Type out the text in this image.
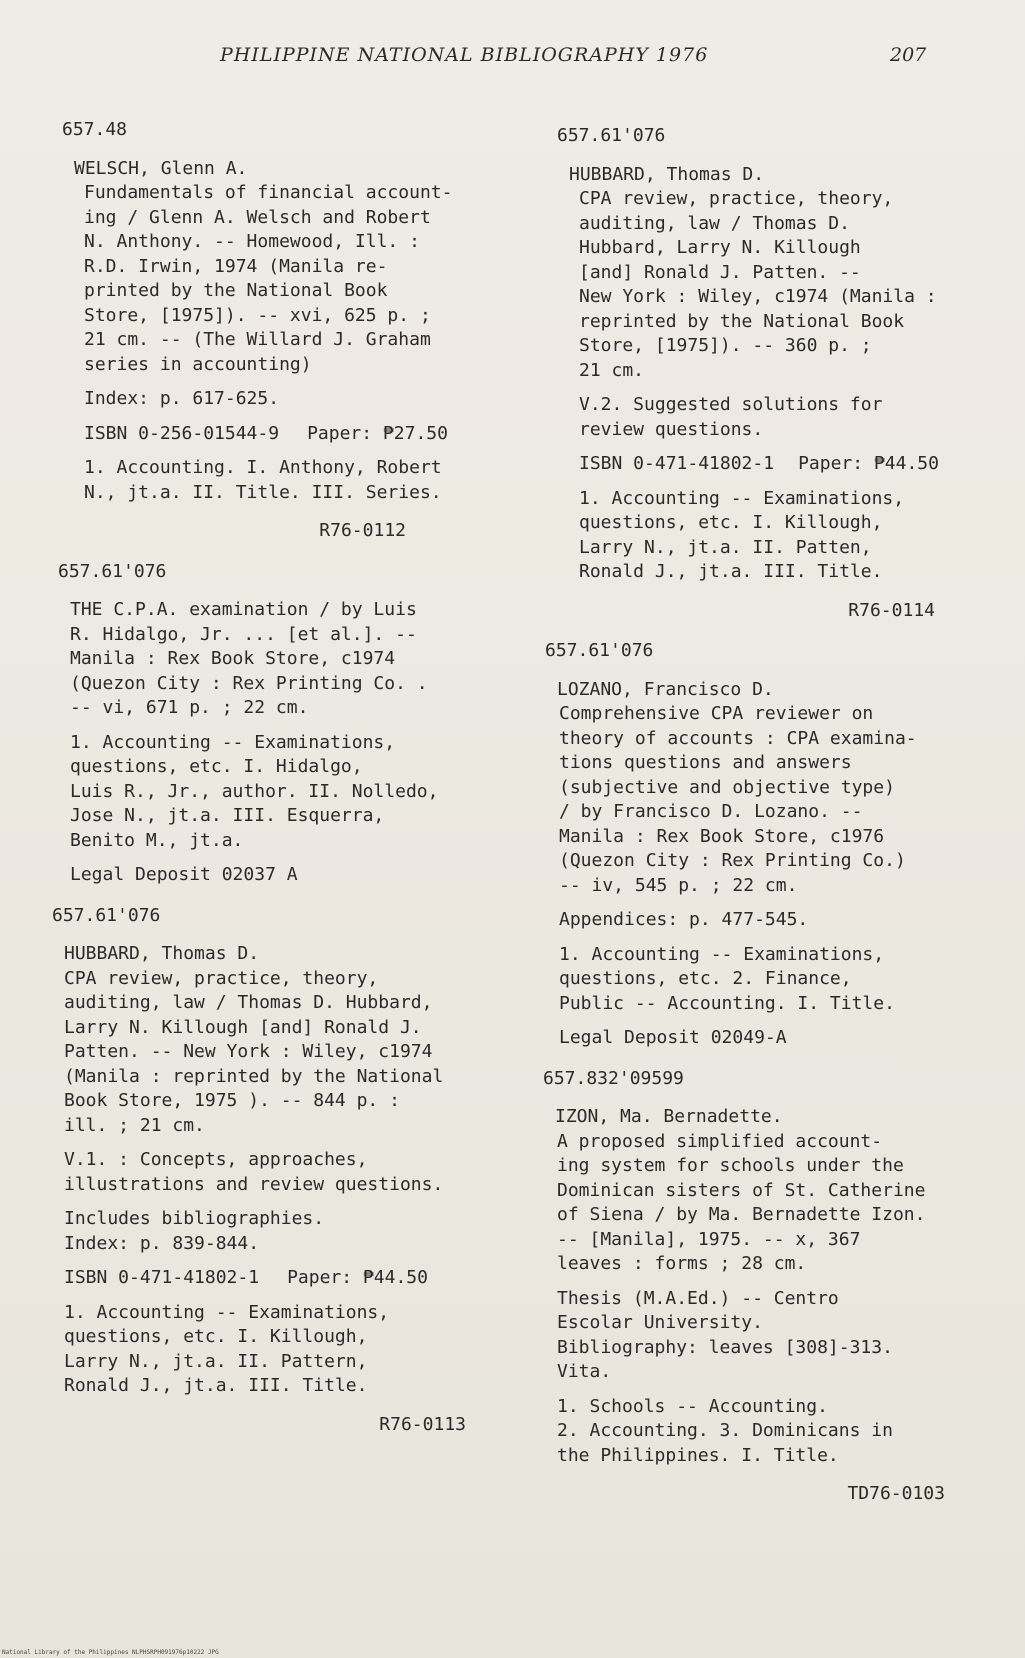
PHILIPPINE NATIONAL BIBLIOGRAPHY 1976	207
657.48
WELSCH, Glenn A.
Fundamentals of financial account-
ing / Glenn A. Welsch and Robert
N. Anthony. -- Homewood, Ill. :
R.D. Irwin, 1974 (Manila re-
printed by the National Book
Store, [1975]). -- xvi, 625 p. ;
21 cm. -- (The Willard J. Graham
series in accounting)
Index: p. 617-625.
ISBN 0-256-01544-9 Paper: ₱27.50
1. Accounting. I. Anthony, Robert
N., jt.a. II. Title. III. Series.
R76-0112
657.61'076
THE C.P.A. examination / by Luis
R. Hidalgo, Jr. ... [et al.]. --
Manila : Rex Book Store, c1974
(Quezon City : Rex Printing Co. .
-- vi, 671 p. ; 22 cm.
1. Accounting -- Examinations,
questions, etc. I. Hidalgo,
Luis R., Jr., author. II. Nolledo,
Jose N., jt.a. III. Esquerra,
Benito M., jt.a.
Legal Deposit 02037 A
657.61'076
HUBBARD, Thomas D.
CPA review, practice, theory,
auditing, law / Thomas D. Hubbard,
Larry N. Killough [and] Ronald J.
Patten. -- New York : Wiley, c1974
(Manila : reprinted by the National
Book Store, 1975 ). -- 844 p. :
ill. ; 21 cm.
V.1. : Concepts, approaches,
illustrations and review questions.
Includes bibliographies.
Index: p. 839-844.
ISBN 0-471-41802-1 Paper: ₱44.50
1. Accounting -- Examinations,
questions, etc. I. Killough,
Larry N., jt.a. II. Pattern,
Ronald J., jt.a. III. Title.
R76-0113
657.61'076
HUBBARD, Thomas D.
CPA review, practice, theory,
auditing, law / Thomas D.
Hubbard, Larry N. Killough
[and] Ronald J. Patten. --
New York : Wiley, c1974 (Manila :
reprinted by the National Book
Store, [1975]). -- 360 p. ;
21 cm.
V.2. Suggested solutions for
review questions.
ISBN 0-471-41802-1 Paper: ₱44.50
1. Accounting -- Examinations,
questions, etc. I. Killough,
Larry N., jt.a. II. Patten,
Ronald J., jt.a. III. Title.
R76-0114
657.61'076
LOZANO, Francisco D.
Comprehensive CPA reviewer on
theory of accounts : CPA examina-
tions questions and answers
(subjective and objective type)
/ by Francisco D. Lozano. --
Manila : Rex Book Store, c1976
(Quezon City : Rex Printing Co.)
-- iv, 545 p. ; 22 cm.
Appendices: p. 477-545.
1. Accounting -- Examinations,
questions, etc. 2. Finance,
Public -- Accounting. I. Title.
Legal Deposit 02049-A
657.832'09599
IZON, Ma. Bernadette.
A proposed simplified account-
ing system for schools under the
Dominican sisters of St. Catherine
of Siena / by Ma. Bernadette Izon.
-- [Manila], 1975. -- x, 367
leaves : forms ; 28 cm.
Thesis (M.A.Ed.) -- Centro
Escolar University.
Bibliography: leaves [308]-313.
Vita.
1. Schools -- Accounting.
2. Accounting. 3. Dominicans in
the Philippines. I. Title.
TD76-0103
National Library of the Philippines NLPHSRPH091976p10222 JPG
